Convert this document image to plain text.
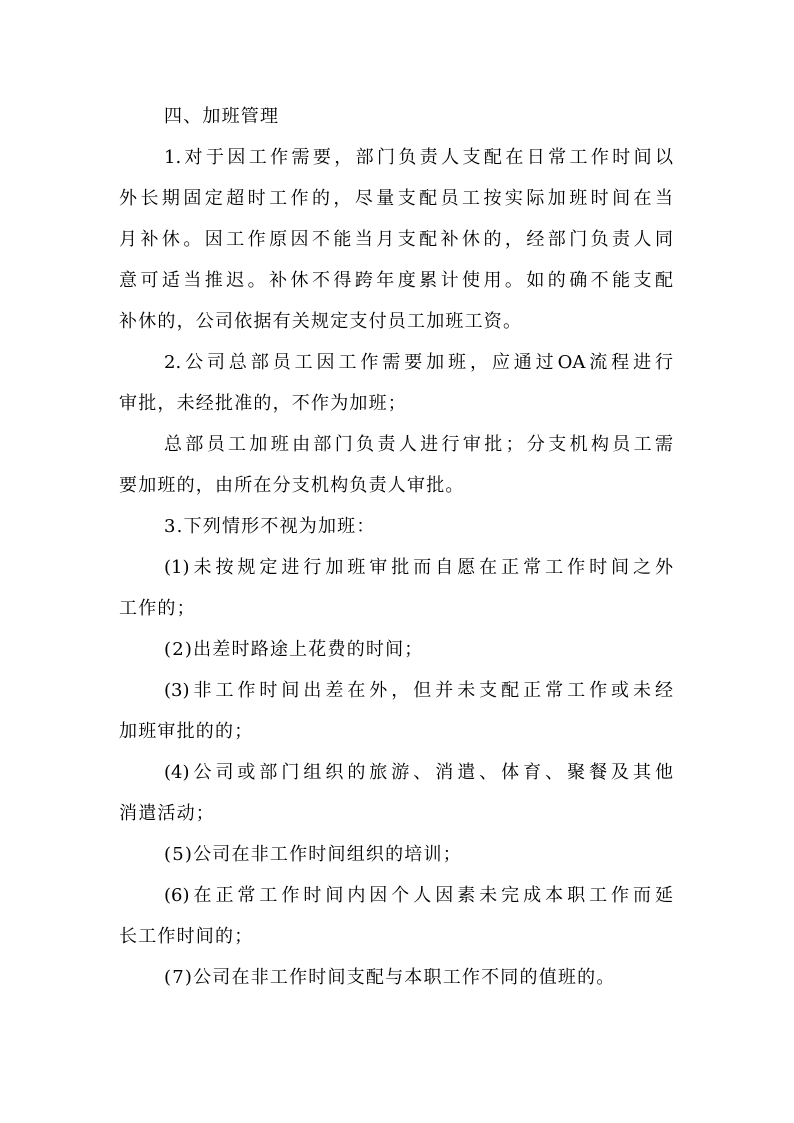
四、加班管理
1.对于因工作需要，部门负责人支配在日常工作时间以
外长期固定超时工作的，尽量支配员工按实际加班时间在当
月补休。因工作原因不能当月支配补休的，经部门负责人同
意可适当推迟。补休不得跨年度累计使用。如的确不能支配
补休的，公司依据有关规定支付员工加班工资。
2.公司总部员工因工作需要加班，应通过OA流程进行
审批，未经批准的，不作为加班；
总部员工加班由部门负责人进行审批；分支机构员工需
要加班的，由所在分支机构负责人审批。
3.下列情形不视为加班：
(1)未按规定进行加班审批而自愿在正常工作时间之外
工作的；
(2)出差时路途上花费的时间；
(3)非工作时间出差在外，但并未支配正常工作或未经
加班审批的的；
(4)公司或部门组织的旅游、消遣、体育、聚餐及其他
消遣活动；
(5)公司在非工作时间组织的培训；
(6)在正常工作时间内因个人因素未完成本职工作而延
长工作时间的；
(7)公司在非工作时间支配与本职工作不同的值班的。
